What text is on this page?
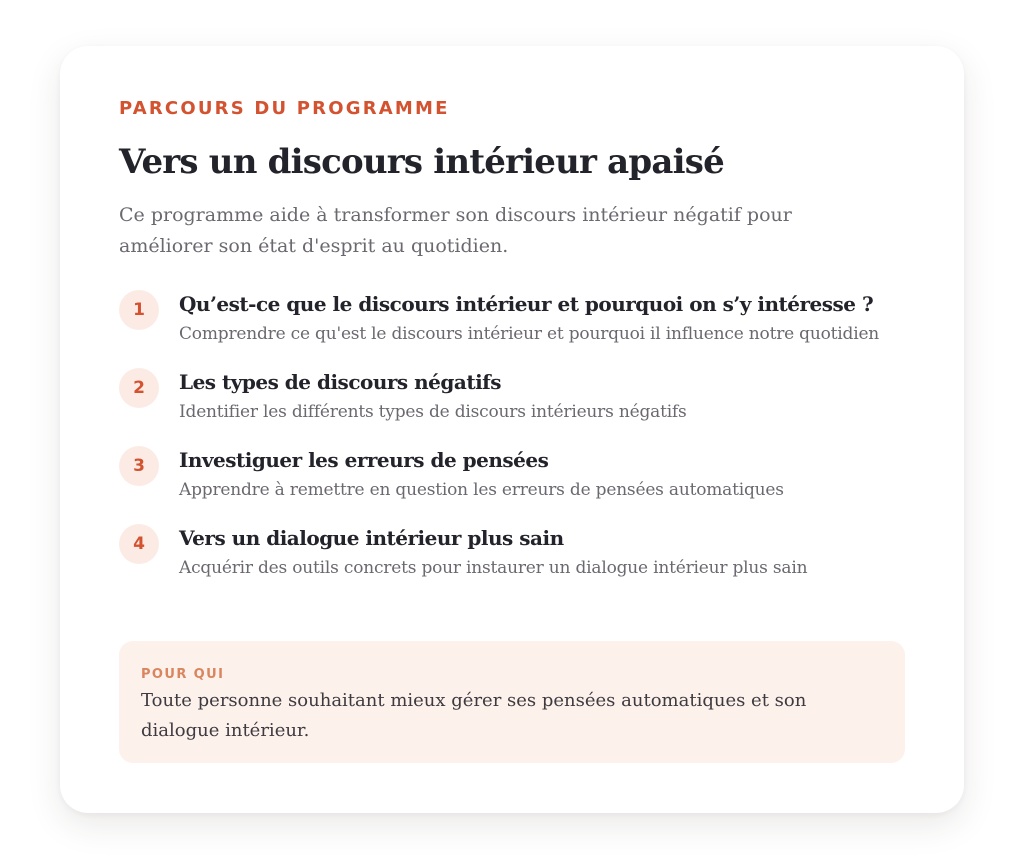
PARCOURS DU PROGRAMME

Vers un discours intérieur apaisé

Ce programme aide à transformer son discours intérieur négatif pour améliorer son état d'esprit au quotidien.

1	Qu’est-ce que le discours intérieur et pourquoi on s’y intéresse ?

Comprendre ce qu'est le discours intérieur et pourquoi il influence notre quotidien

2	Les types de discours négatifs

Identifier les différents types de discours intérieurs négatifs

3	Investiguer les erreurs de pensées

Apprendre à remettre en question les erreurs de pensées automatiques

4	Vers un dialogue intérieur plus sain

Acquérir des outils concrets pour instaurer un dialogue intérieur plus sain

POUR QUI

Toute personne souhaitant mieux gérer ses pensées automatiques et son dialogue intérieur.
